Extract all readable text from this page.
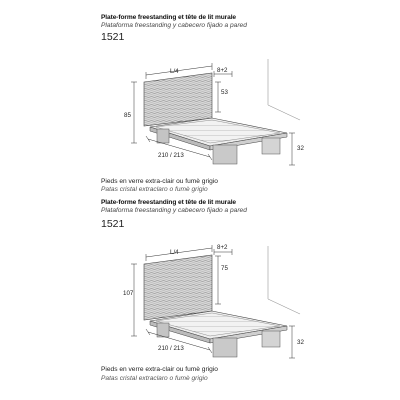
Plate-forme freestanding et tête de lit murale
Plataforma freestanding y cabecero fijado a pared
1521
L/4	8+2
53
85
210 / 213
32
Pieds en verre extra-clair ou fumè grigio
Patas cristal extraclaro o fumè grigio
Plate-forme freestanding et tête de lit murale
Plataforma freestanding y cabecero fijado a pared
1521
L/4
8+2
75
107
210 / 213
32
Pieds en verre extra-clair ou fumè grigio
Patas cristal extraclaro o fumè grigio
